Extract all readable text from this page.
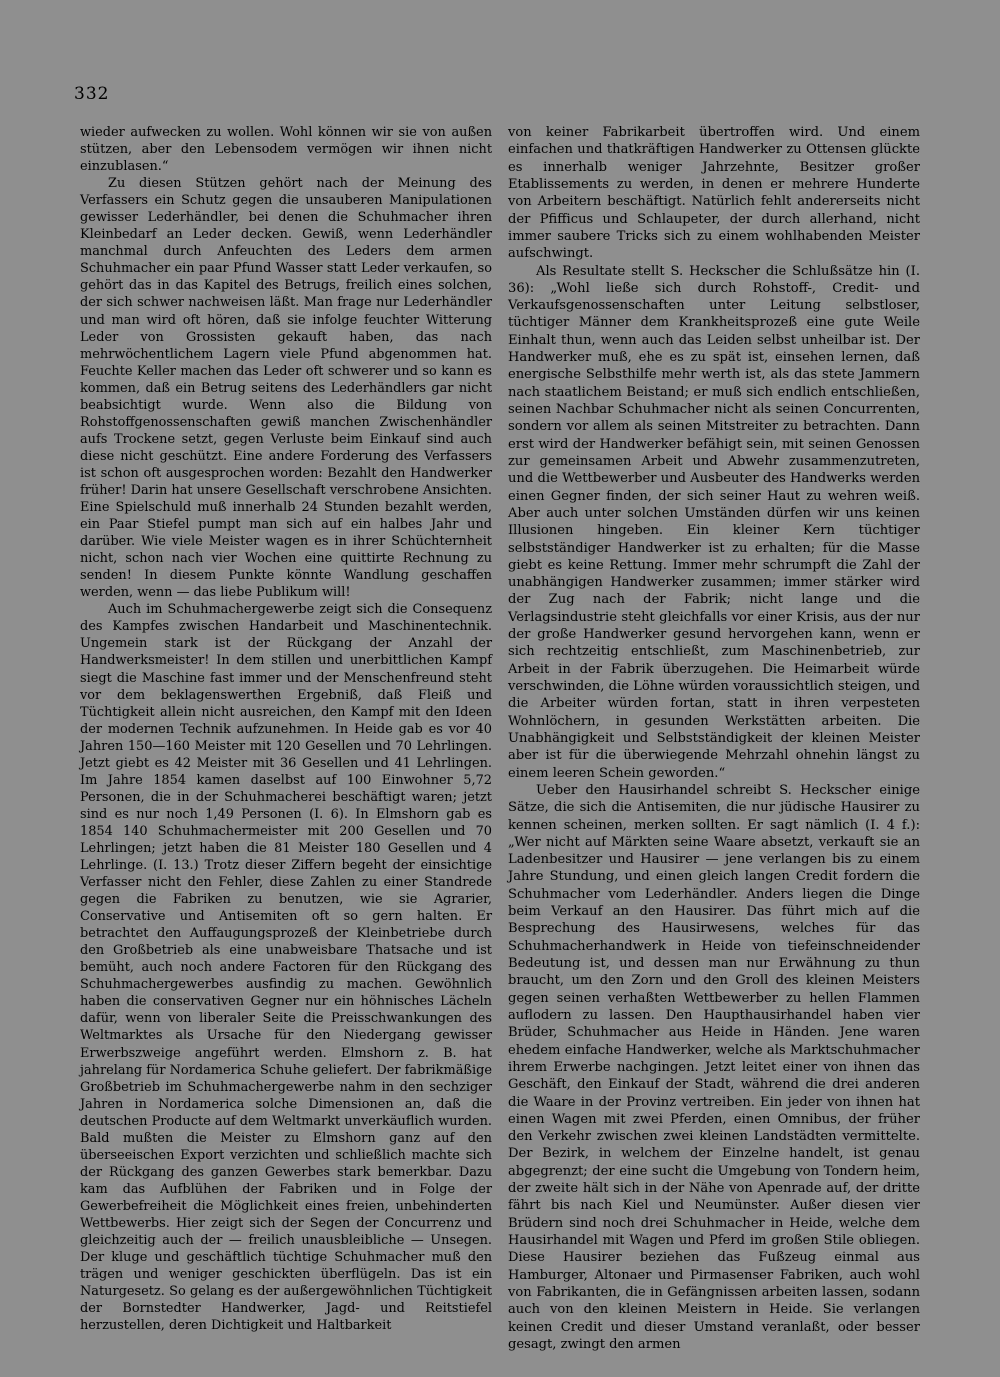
332

wieder aufwecken zu wollen. Wohl können wir sie von außen stützen, aber den Lebensodem vermögen wir ihnen nicht einzublasen.“

Zu diesen Stützen gehört nach der Meinung des Verfassers ein Schutz gegen die unsauberen Manipulationen gewisser Lederhändler, bei denen die Schuhmacher ihren Kleinbedarf an Leder decken. Gewiß, wenn Lederhändler manchmal durch Anfeuchten des Leders dem armen Schuhmacher ein paar Pfund Wasser statt Leder verkaufen, so gehört das in das Kapitel des Betrugs, freilich eines solchen, der sich schwer nachweisen läßt. Man frage nur Lederhändler und man wird oft hören, daß sie infolge feuchter Witterung Leder von Grossisten gekauft haben, das nach mehrwöchentlichem Lagern viele Pfund abgenommen hat. Feuchte Keller machen das Leder oft schwerer und so kann es kommen, daß ein Betrug seitens des Lederhändlers gar nicht beabsichtigt wurde. Wenn also die Bildung von Rohstoffgenossenschaften gewiß manchen Zwischenhändler aufs Trockene setzt, gegen Verluste beim Einkauf sind auch diese nicht geschützt. Eine andere Forderung des Verfassers ist schon oft ausgesprochen worden: Bezahlt den Handwerker früher! Darin hat unsere Gesellschaft verschrobene Ansichten. Eine Spielschuld muß innerhalb 24 Stunden bezahlt werden, ein Paar Stiefel pumpt man sich auf ein halbes Jahr und darüber. Wie viele Meister wagen es in ihrer Schüchternheit nicht, schon nach vier Wochen eine quittirte Rechnung zu senden! In diesem Punkte könnte Wandlung geschaffen werden, wenn — das liebe Publikum will!

Auch im Schuhmachergewerbe zeigt sich die Consequenz des Kampfes zwischen Handarbeit und Maschinentechnik. Ungemein stark ist der Rückgang der Anzahl der Handwerksmeister! In dem stillen und unerbittlichen Kampf siegt die Maschine fast immer und der Menschenfreund steht vor dem beklagenswerthen Ergebniß, daß Fleiß und Tüchtigkeit allein nicht ausreichen, den Kampf mit den Ideen der modernen Technik aufzunehmen. In Heide gab es vor 40 Jahren 150—160 Meister mit 120 Gesellen und 70 Lehrlingen. Jetzt giebt es 42 Meister mit 36 Gesellen und 41 Lehrlingen. Im Jahre 1854 kamen daselbst auf 100 Einwohner 5,72 Personen, die in der Schuhmacherei beschäftigt waren; jetzt sind es nur noch 1,49 Personen (I. 6). In Elmshorn gab es 1854 140 Schuhmachermeister mit 200 Gesellen und 70 Lehrlingen; jetzt haben die 81 Meister 180 Gesellen und 4 Lehrlinge. (I. 13.) Trotz dieser Ziffern begeht der einsichtige Verfasser nicht den Fehler, diese Zahlen zu einer Standrede gegen die Fabriken zu benutzen, wie sie Agrarier, Conservative und Antisemiten oft so gern halten. Er betrachtet den Auffaugungsprozeß der Kleinbetriebe durch den Großbetrieb als eine unabweisbare Thatsache und ist bemüht, auch noch andere Factoren für den Rückgang des Schuhmachergewerbes ausfindig zu machen. Gewöhnlich haben die conservativen Gegner nur ein höhnisches Lächeln dafür, wenn von liberaler Seite die Preisschwankungen des Weltmarktes als Ursache für den Niedergang gewisser Erwerbszweige angeführt werden. Elmshorn z. B. hat jahrelang für Nordamerica Schuhe geliefert. Der fabrikmäßige Großbetrieb im Schuhmachergewerbe nahm in den sechziger Jahren in Nordamerica solche Dimensionen an, daß die deutschen Producte auf dem Weltmarkt unverkäuflich wurden. Bald mußten die Meister zu Elmshorn ganz auf den überseeischen Export verzichten und schließlich machte sich der Rückgang des ganzen Gewerbes stark bemerkbar. Dazu kam das Aufblühen der Fabriken und in Folge der Gewerbefreiheit die Möglichkeit eines freien, unbehinderten Wettbewerbs. Hier zeigt sich der Segen der Concurrenz und gleichzeitig auch der — freilich unausbleibliche — Unsegen. Der kluge und geschäftlich tüchtige Schuhmacher muß den trägen und weniger geschickten überflügeln. Das ist ein Naturgesetz. So gelang es der außergewöhnlichen Tüchtigkeit der Bornstedter Handwerker, Jagd- und Reitstiefel herzustellen, deren Dichtigkeit und Haltbarkeit

von keiner Fabrikarbeit übertroffen wird. Und einem einfachen und thatkräftigen Handwerker zu Ottensen glückte es innerhalb weniger Jahrzehnte, Besitzer großer Etablissements zu werden, in denen er mehrere Hunderte von Arbeitern beschäftigt. Natürlich fehlt andererseits nicht der Pfifficus und Schlaupeter, der durch allerhand, nicht immer saubere Tricks sich zu einem wohlhabenden Meister aufschwingt.

Als Resultate stellt S. Heckscher die Schlußsätze hin (I. 36): „Wohl ließe sich durch Rohstoff-, Credit- und Verkaufsgenossenschaften unter Leitung selbstloser, tüchtiger Männer dem Krankheitsprozeß eine gute Weile Einhalt thun, wenn auch das Leiden selbst unheilbar ist. Der Handwerker muß, ehe es zu spät ist, einsehen lernen, daß energische Selbsthilfe mehr werth ist, als das stete Jammern nach staatlichem Beistand; er muß sich endlich entschließen, seinen Nachbar Schuhmacher nicht als seinen Concurrenten, sondern vor allem als seinen Mitstreiter zu betrachten. Dann erst wird der Handwerker befähigt sein, mit seinen Genossen zur gemeinsamen Arbeit und Abwehr zusammenzutreten, und die Wettbewerber und Ausbeuter des Handwerks werden einen Gegner finden, der sich seiner Haut zu wehren weiß. Aber auch unter solchen Umständen dürfen wir uns keinen Illusionen hingeben. Ein kleiner Kern tüchtiger selbstständiger Handwerker ist zu erhalten; für die Masse giebt es keine Rettung. Immer mehr schrumpft die Zahl der unabhängigen Handwerker zusammen; immer stärker wird der Zug nach der Fabrik; nicht lange und die Verlagsindustrie steht gleichfalls vor einer Krisis, aus der nur der große Handwerker gesund hervorgehen kann, wenn er sich rechtzeitig entschließt, zum Maschinenbetrieb, zur Arbeit in der Fabrik überzugehen. Die Heimarbeit würde verschwinden, die Löhne würden voraussichtlich steigen, und die Arbeiter würden fortan, statt in ihren verpesteten Wohnlöchern, in gesunden Werkstätten arbeiten. Die Unabhängigkeit und Selbstständigkeit der kleinen Meister aber ist für die überwiegende Mehrzahl ohnehin längst zu einem leeren Schein geworden.“

Ueber den Hausirhandel schreibt S. Heckscher einige Sätze, die sich die Antisemiten, die nur jüdische Hausirer zu kennen scheinen, merken sollten. Er sagt nämlich (I. 4 f.): „Wer nicht auf Märkten seine Waare absetzt, verkauft sie an Ladenbesitzer und Hausirer — jene verlangen bis zu einem Jahre Stundung, und einen gleich langen Credit fordern die Schuhmacher vom Lederhändler. Anders liegen die Dinge beim Verkauf an den Hausirer. Das führt mich auf die Besprechung des Hausirwesens, welches für das Schuhmacherhandwerk in Heide von tiefeinschneidender Bedeutung ist, und dessen man nur Erwähnung zu thun braucht, um den Zorn und den Groll des kleinen Meisters gegen seinen verhaßten Wettbewerber zu hellen Flammen auflodern zu lassen. Den Haupthausirhandel haben vier Brüder, Schuhmacher aus Heide in Händen. Jene waren ehedem einfache Handwerker, welche als Marktschuhmacher ihrem Erwerbe nachgingen. Jetzt leitet einer von ihnen das Geschäft, den Einkauf der Stadt, während die drei anderen die Waare in der Provinz vertreiben. Ein jeder von ihnen hat einen Wagen mit zwei Pferden, einen Omnibus, der früher den Verkehr zwischen zwei kleinen Landstädten vermittelte. Der Bezirk, in welchem der Einzelne handelt, ist genau abgegrenzt; der eine sucht die Umgebung von Tondern heim, der zweite hält sich in der Nähe von Apenrade auf, der dritte fährt bis nach Kiel und Neumünster. Außer diesen vier Brüdern sind noch drei Schuhmacher in Heide, welche dem Hausirhandel mit Wagen und Pferd im großen Stile obliegen. Diese Hausirer beziehen das Fußzeug einmal aus Hamburger, Altonaer und Pirmasenser Fabriken, auch wohl von Fabrikanten, die in Gefängnissen arbeiten lassen, sodann auch von den kleinen Meistern in Heide. Sie verlangen keinen Credit und dieser Umstand veranlaßt, oder besser gesagt, zwingt den armen
